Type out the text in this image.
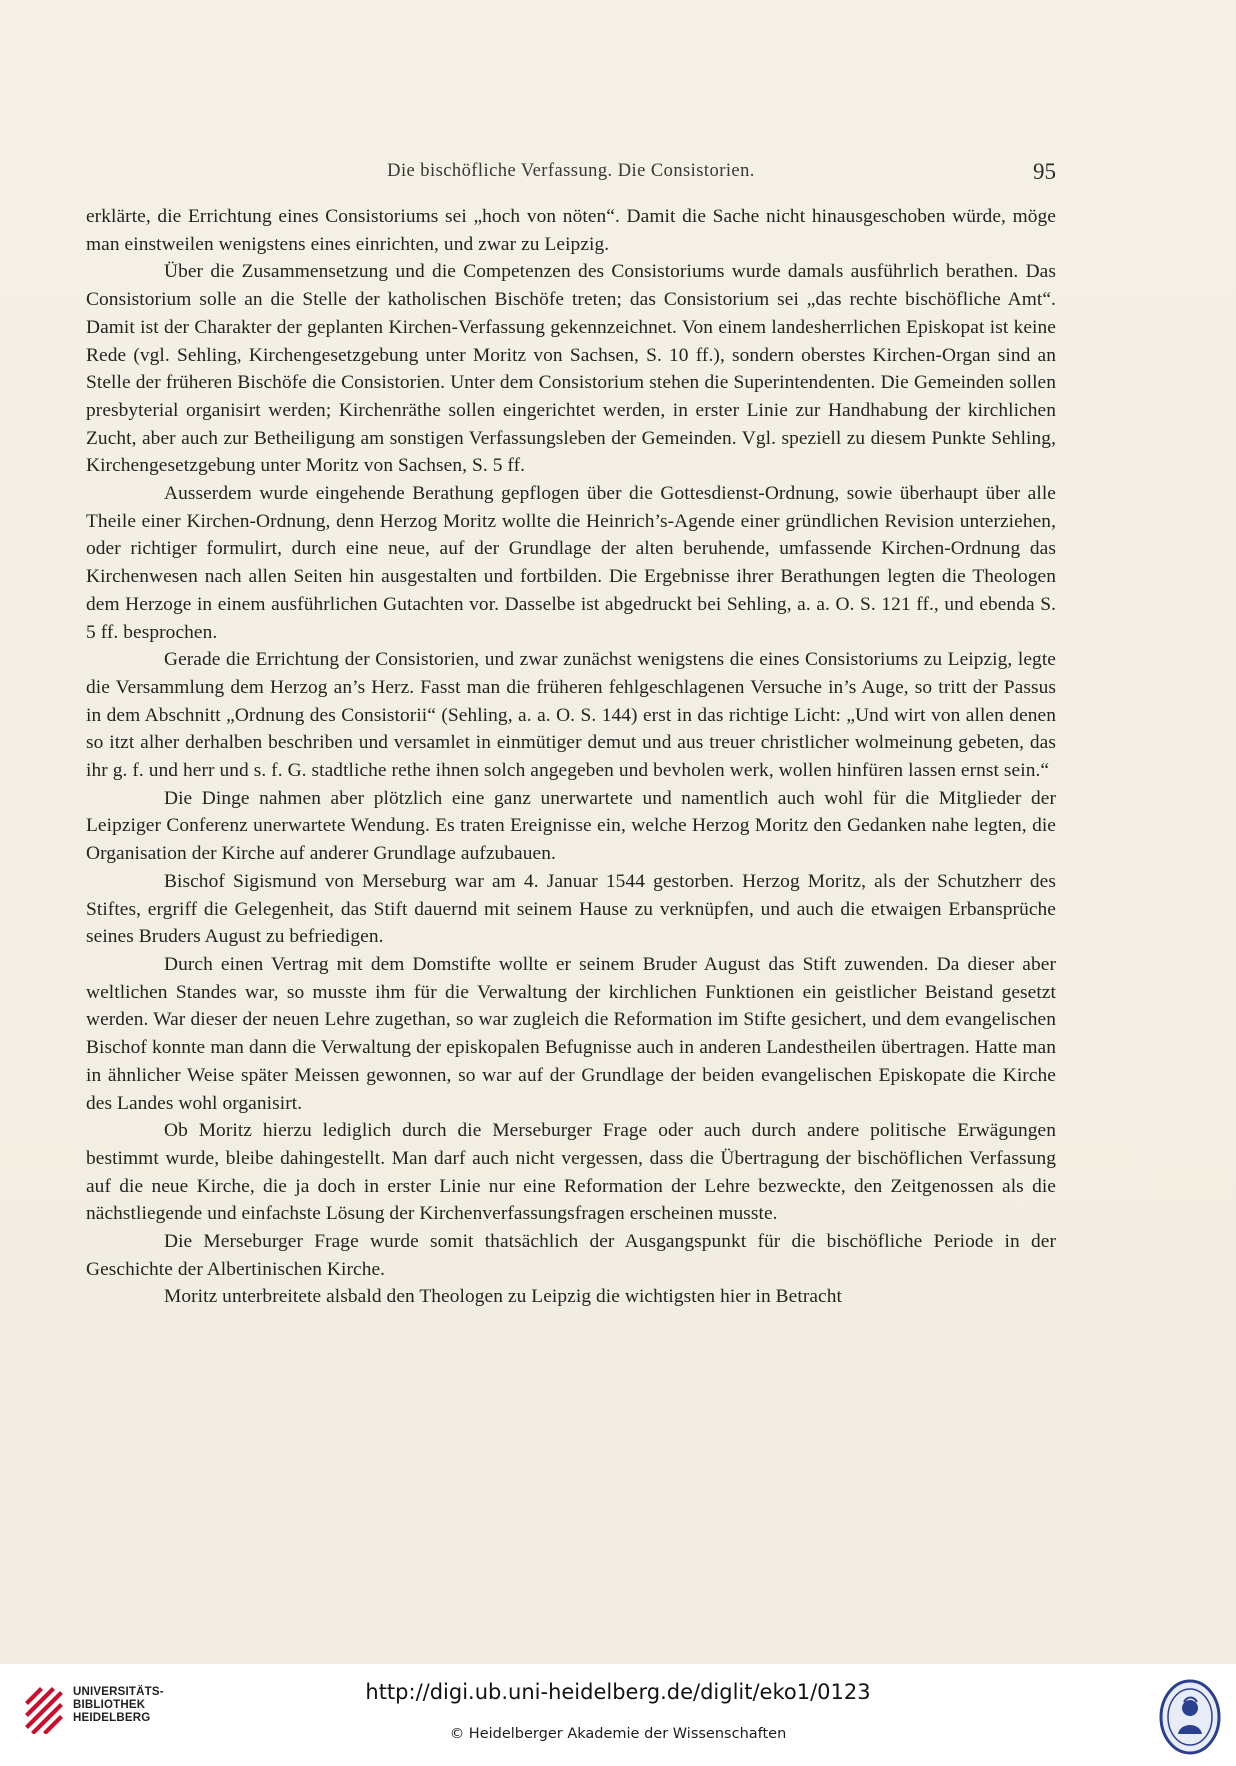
Die bischöfliche Verfassung. Die Consistorien.	95

erklärte, die Errichtung eines Consistoriums sei „hoch von nöten“. Damit die Sache nicht hinausgeschoben würde, möge man einstweilen wenigstens eines einrichten, und zwar zu Leipzig.

Über die Zusammensetzung und die Competenzen des Consistoriums wurde damals ausführlich berathen. Das Consistorium solle an die Stelle der katholischen Bischöfe treten; das Consistorium sei „das rechte bischöfliche Amt“. Damit ist der Charakter der geplanten Kirchen-Verfassung gekennzeichnet. Von einem landesherrlichen Episkopat ist keine Rede (vgl. Sehling, Kirchengesetzgebung unter Moritz von Sachsen, S. 10 ff.), sondern oberstes Kirchen-Organ sind an Stelle der früheren Bischöfe die Consistorien. Unter dem Consistorium stehen die Superintendenten. Die Gemeinden sollen presbyterial organisirt werden; Kirchenräthe sollen eingerichtet werden, in erster Linie zur Handhabung der kirchlichen Zucht, aber auch zur Betheiligung am sonstigen Verfassungsleben der Gemeinden. Vgl. speziell zu diesem Punkte Sehling, Kirchengesetzgebung unter Moritz von Sachsen, S. 5 ff.

Ausserdem wurde eingehende Berathung gepflogen über die Gottesdienst-Ordnung, sowie überhaupt über alle Theile einer Kirchen-Ordnung, denn Herzog Moritz wollte die Heinrich’s-Agende einer gründlichen Revision unterziehen, oder richtiger formulirt, durch eine neue, auf der Grundlage der alten beruhende, umfassende Kirchen-Ordnung das Kirchenwesen nach allen Seiten hin ausgestalten und fortbilden. Die Ergebnisse ihrer Berathungen legten die Theologen dem Herzoge in einem ausführlichen Gutachten vor. Dasselbe ist abgedruckt bei Sehling, a. a. O. S. 121 ff., und ebenda S. 5 ff. besprochen.

Gerade die Errichtung der Consistorien, und zwar zunächst wenigstens die eines Consistoriums zu Leipzig, legte die Versammlung dem Herzog an’s Herz. Fasst man die früheren fehlgeschlagenen Versuche in’s Auge, so tritt der Passus in dem Abschnitt „Ordnung des Consistorii“ (Sehling, a. a. O. S. 144) erst in das richtige Licht: „Und wirt von allen denen so itzt alher derhalben beschriben und versamlet in einmütiger demut und aus treuer christlicher wolmeinung gebeten, das ihr g. f. und herr und s. f. G. stadtliche rethe ihnen solch angegeben und bevholen werk, wollen hinfüren lassen ernst sein.“

Die Dinge nahmen aber plötzlich eine ganz unerwartete und namentlich auch wohl für die Mitglieder der Leipziger Conferenz unerwartete Wendung. Es traten Ereignisse ein, welche Herzog Moritz den Gedanken nahe legten, die Organisation der Kirche auf anderer Grundlage aufzubauen.

Bischof Sigismund von Merseburg war am 4. Januar 1544 gestorben. Herzog Moritz, als der Schutzherr des Stiftes, ergriff die Gelegenheit, das Stift dauernd mit seinem Hause zu verknüpfen, und auch die etwaigen Erbansprüche seines Bruders August zu befriedigen.

Durch einen Vertrag mit dem Domstifte wollte er seinem Bruder August das Stift zuwenden. Da dieser aber weltlichen Standes war, so musste ihm für die Verwaltung der kirchlichen Funktionen ein geistlicher Beistand gesetzt werden. War dieser der neuen Lehre zugethan, so war zugleich die Reformation im Stifte gesichert, und dem evangelischen Bischof konnte man dann die Verwaltung der episkopalen Befugnisse auch in anderen Landestheilen übertragen. Hatte man in ähnlicher Weise später Meissen gewonnen, so war auf der Grundlage der beiden evangelischen Episkopate die Kirche des Landes wohl organisirt.

Ob Moritz hierzu lediglich durch die Merseburger Frage oder auch durch andere politische Erwägungen bestimmt wurde, bleibe dahingestellt. Man darf auch nicht vergessen, dass die Übertragung der bischöflichen Verfassung auf die neue Kirche, die ja doch in erster Linie nur eine Reformation der Lehre bezweckte, den Zeitgenossen als die nächstliegende und einfachste Lösung der Kirchenverfassungsfragen erscheinen musste.

Die Merseburger Frage wurde somit thatsächlich der Ausgangspunkt für die bischöfliche Periode in der Geschichte der Albertinischen Kirche.

Moritz unterbreitete alsbald den Theologen zu Leipzig die wichtigsten hier in Betracht

UNIVERSITÄTS-
BIBLIOTHEK
HEIDELBERG
http://digi.ub.uni-heidelberg.de/diglit/eko1/0123
© Heidelberger Akademie der Wissenschaften
